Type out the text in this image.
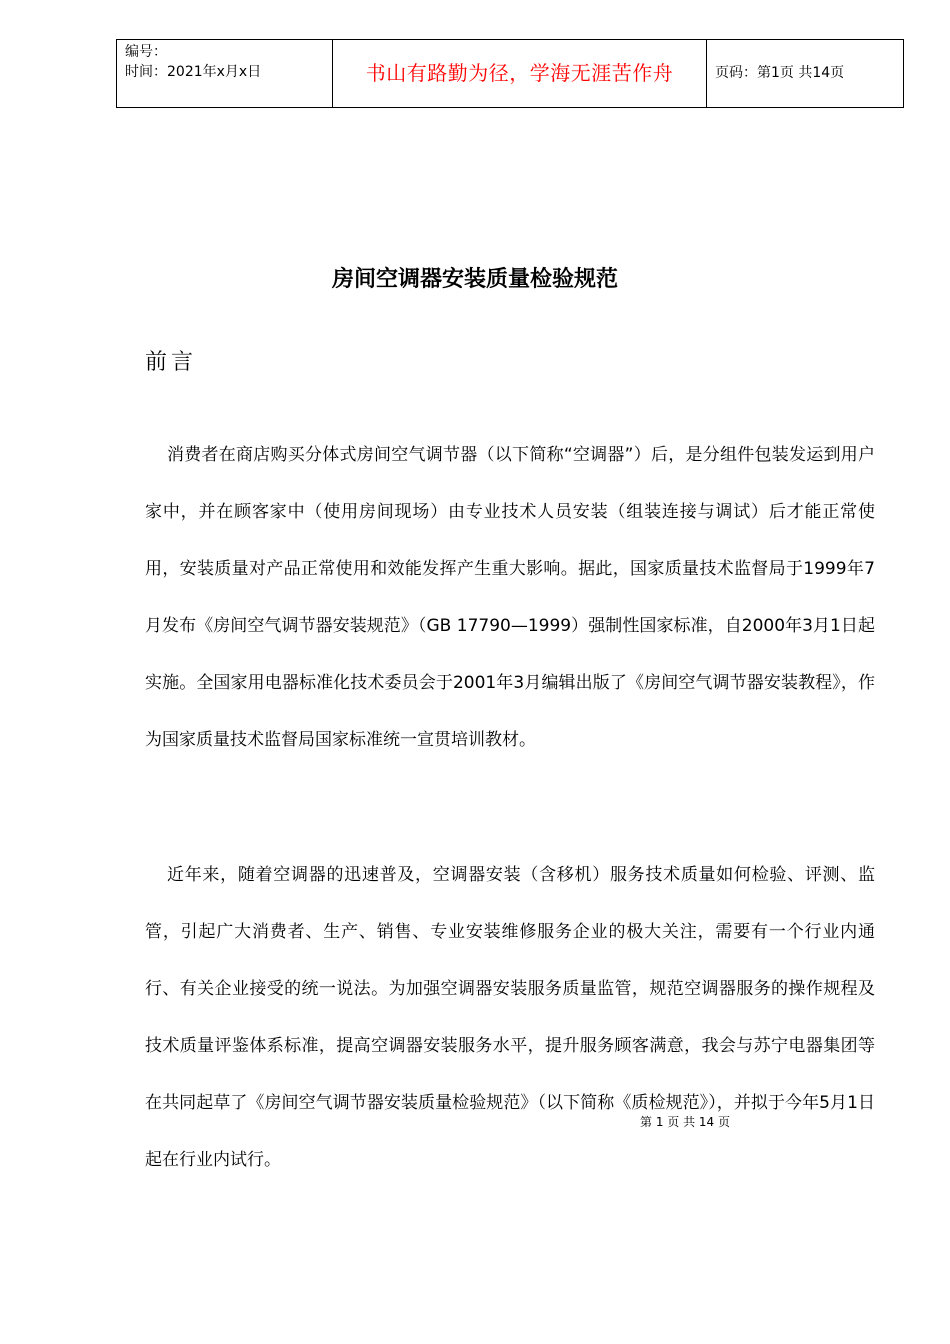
编号：
时间：2021年x月x日	书山有路勤为径，学海无涯苦作舟	页码：第1页 共14页
房间空调器安装质量检验规范
前言

消费者在商店购买分体式房间空气调节器（以下简称“空调器”）后，是分组件包装发运到用户家中，并在顾客家中（使用房间现场）由专业技术人员安装（组装连接与调试）后才能正常使用，安装质量对产品正常使用和效能发挥产生重大影响。据此，国家质量技术监督局于1999年7月发布《房间空气调节器安装规范》（GB 17790—1999）强制性国家标准，自2000年3月1日起实施。全国家用电器标准化技术委员会于2001年3月编辑出版了《房间空气调节器安装教程》，作为国家质量技术监督局国家标准统一宣贯培训教材。

近年来，随着空调器的迅速普及，空调器安装（含移机）服务技术质量如何检验、评测、监管，引起广大消费者、生产、销售、专业安装维修服务企业的极大关注，需要有一个行业内通行、有关企业接受的统一说法。为加强空调器安装服务质量监管，规范空调器服务的操作规程及技术质量评鉴体系标准，提高空调器安装服务水平，提升服务顾客满意，我会与苏宁电器集团等在共同起草了《房间空气调节器安装质量检验规范》（以下简称《质检规范》），并拟于今年5月1日起在行业内试行。

第 1 页 共 14 页
